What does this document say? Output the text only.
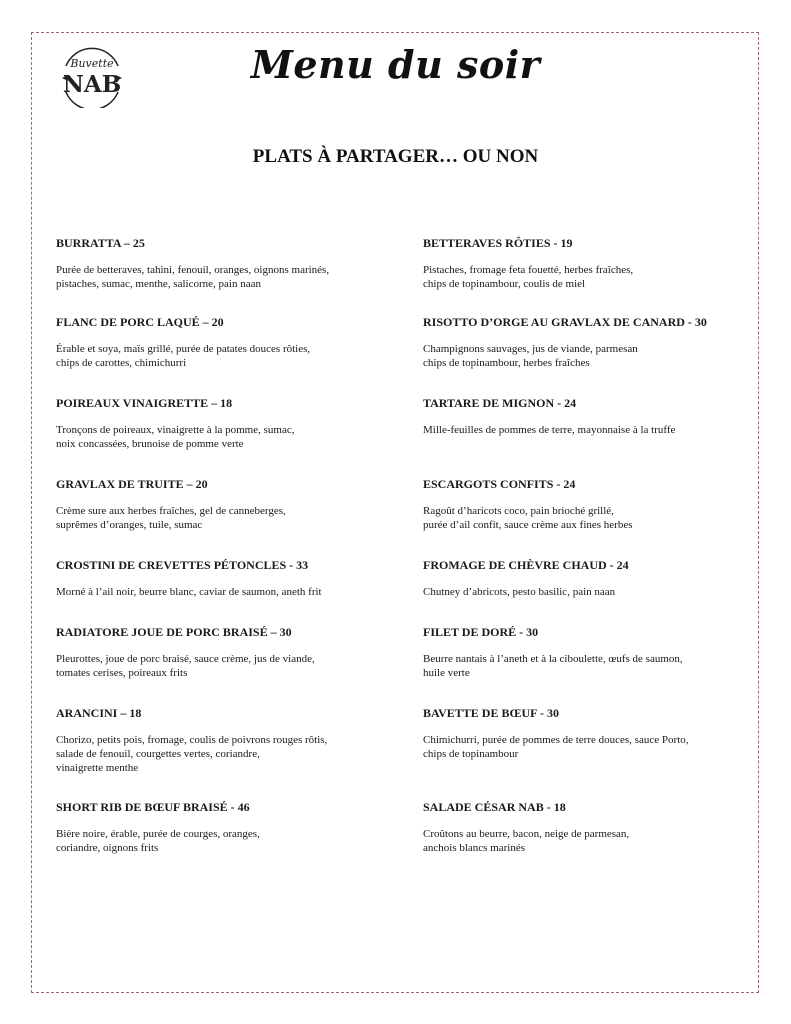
Buvette
NAB	Menu du soir
PLATS À PARTAGER… OU NON
BURRATTA – 25
Purée de betteraves, tahini, fenouil, oranges, oignons marinés,
pistaches, sumac, menthe, salicorne, pain naan
FLANC DE PORC LAQUÉ – 20
Érable et soya, maïs grillé, purée de patates douces rôties,
chips de carottes, chimichurri
POIREAUX VINAIGRETTE – 18
Tronçons de poireaux, vinaigrette à la pomme, sumac,
noix concassées, brunoise de pomme verte
GRAVLAX DE TRUITE – 20
Crème sure aux herbes fraîches, gel de canneberges,
suprêmes d’oranges, tuile, sumac
CROSTINI DE CREVETTES PÉTONCLES - 33
Morné à l’ail noir, beurre blanc, caviar de saumon, aneth frit
RADIATORE JOUE DE PORC BRAISÉ – 30
Pleurottes, joue de porc braisé, sauce crème, jus de viande,
tomates cerises, poireaux frits
ARANCINI – 18
Chorizo, petits pois, fromage, coulis de poivrons rouges rôtis,
salade de fenouil, courgettes vertes, coriandre,
vinaigrette menthe
SHORT RIB DE BŒUF BRAISÉ - 46
Bière noire, érable, purée de courges, oranges,
coriandre, oignons frits
BETTERAVES RÔTIES - 19
Pistaches, fromage feta fouetté, herbes fraîches,
chips de topinambour, coulis de miel
RISOTTO D’ORGE AU GRAVLAX DE CANARD - 30
Champignons sauvages, jus de viande, parmesan
chips de topinambour, herbes fraîches
TARTARE DE MIGNON - 24
Mille-feuilles de pommes de terre, mayonnaise à la truffe
ESCARGOTS CONFITS - 24
Ragoût d’haricots coco, pain brioché grillé,
purée d’ail confit, sauce crème aux fines herbes
FROMAGE DE CHÈVRE CHAUD - 24
Chutney d’abricots, pesto basilic, pain naan
FILET DE DORÉ - 30
Beurre nantais à l’aneth et à la ciboulette, œufs de saumon,
huile verte
BAVETTE DE BŒUF - 30
Chimichurri, purée de pommes de terre douces, sauce Porto,
chips de topinambour
SALADE CÉSAR NAB - 18
Croûtons au beurre, bacon, neige de parmesan,
anchois blancs marinés
